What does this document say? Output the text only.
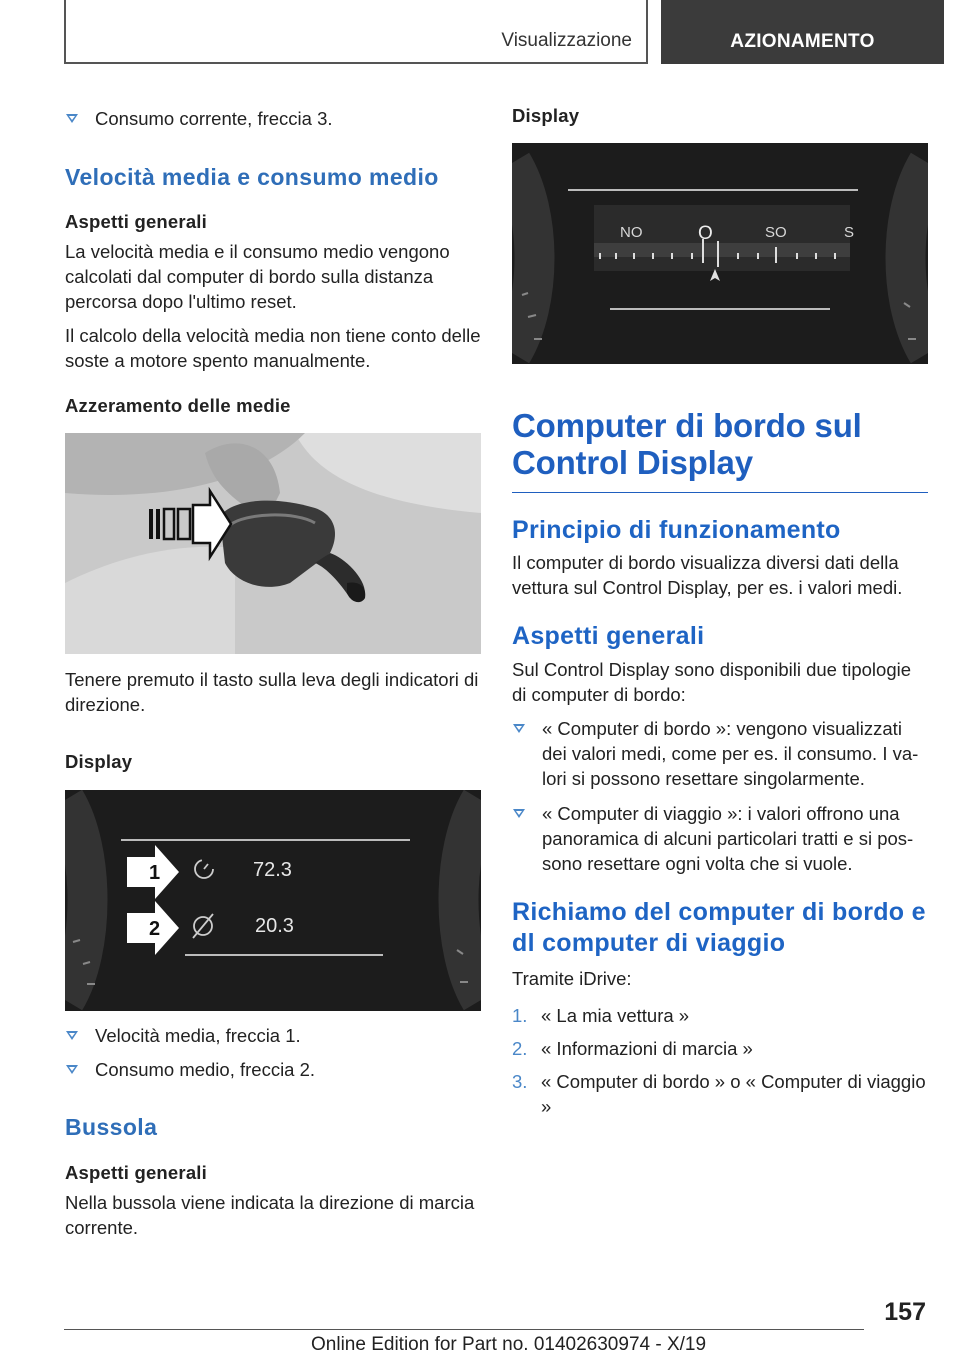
Visualizzazione	AZIONAMENTO
Consumo corrente, freccia 3.
Velocità media e consumo medio
Aspetti generali
La velocità media e il consumo medio vengono calcolati dal computer di bordo sulla distanza percorsa dopo l'ultimo reset.
Il calcolo della velocità media non tiene conto delle soste a motore spento manualmente.
Azzeramento delle medie
Tenere premuto il tasto sulla leva degli indicatori di direzione.
Display
1
2
72.3
20.3
Velocità media, freccia 1.
Consumo medio, freccia 2.
Bussola
Aspetti generali
Nella bussola viene indicata la direzione di marcia corrente.
Display
NO	O	SO	S
Computer di bordo sul Control Display
Principio di funzionamento
Il computer di bordo visualizza diversi dati della vettura sul Control Display, per es. i valori medi.
Aspetti generali
Sul Control Display sono disponibili due tipologie di computer di bordo:
« Computer di bordo »: vengono visualizzati dei valori medi, come per es. il consumo. I valori si possono resettare singolarmente.
« Computer di viaggio »: i valori offrono una panoramica di alcuni particolari tratti e si possono resettare ogni volta che si vuole.
Richiamo del computer di bordo e dl computer di viaggio
Tramite iDrive:
1. « La mia vettura »
2. « Informazioni di marcia »
3. « Computer di bordo » o « Computer di viaggio »
157
Online Edition for Part no. 01402630974 - X/19
